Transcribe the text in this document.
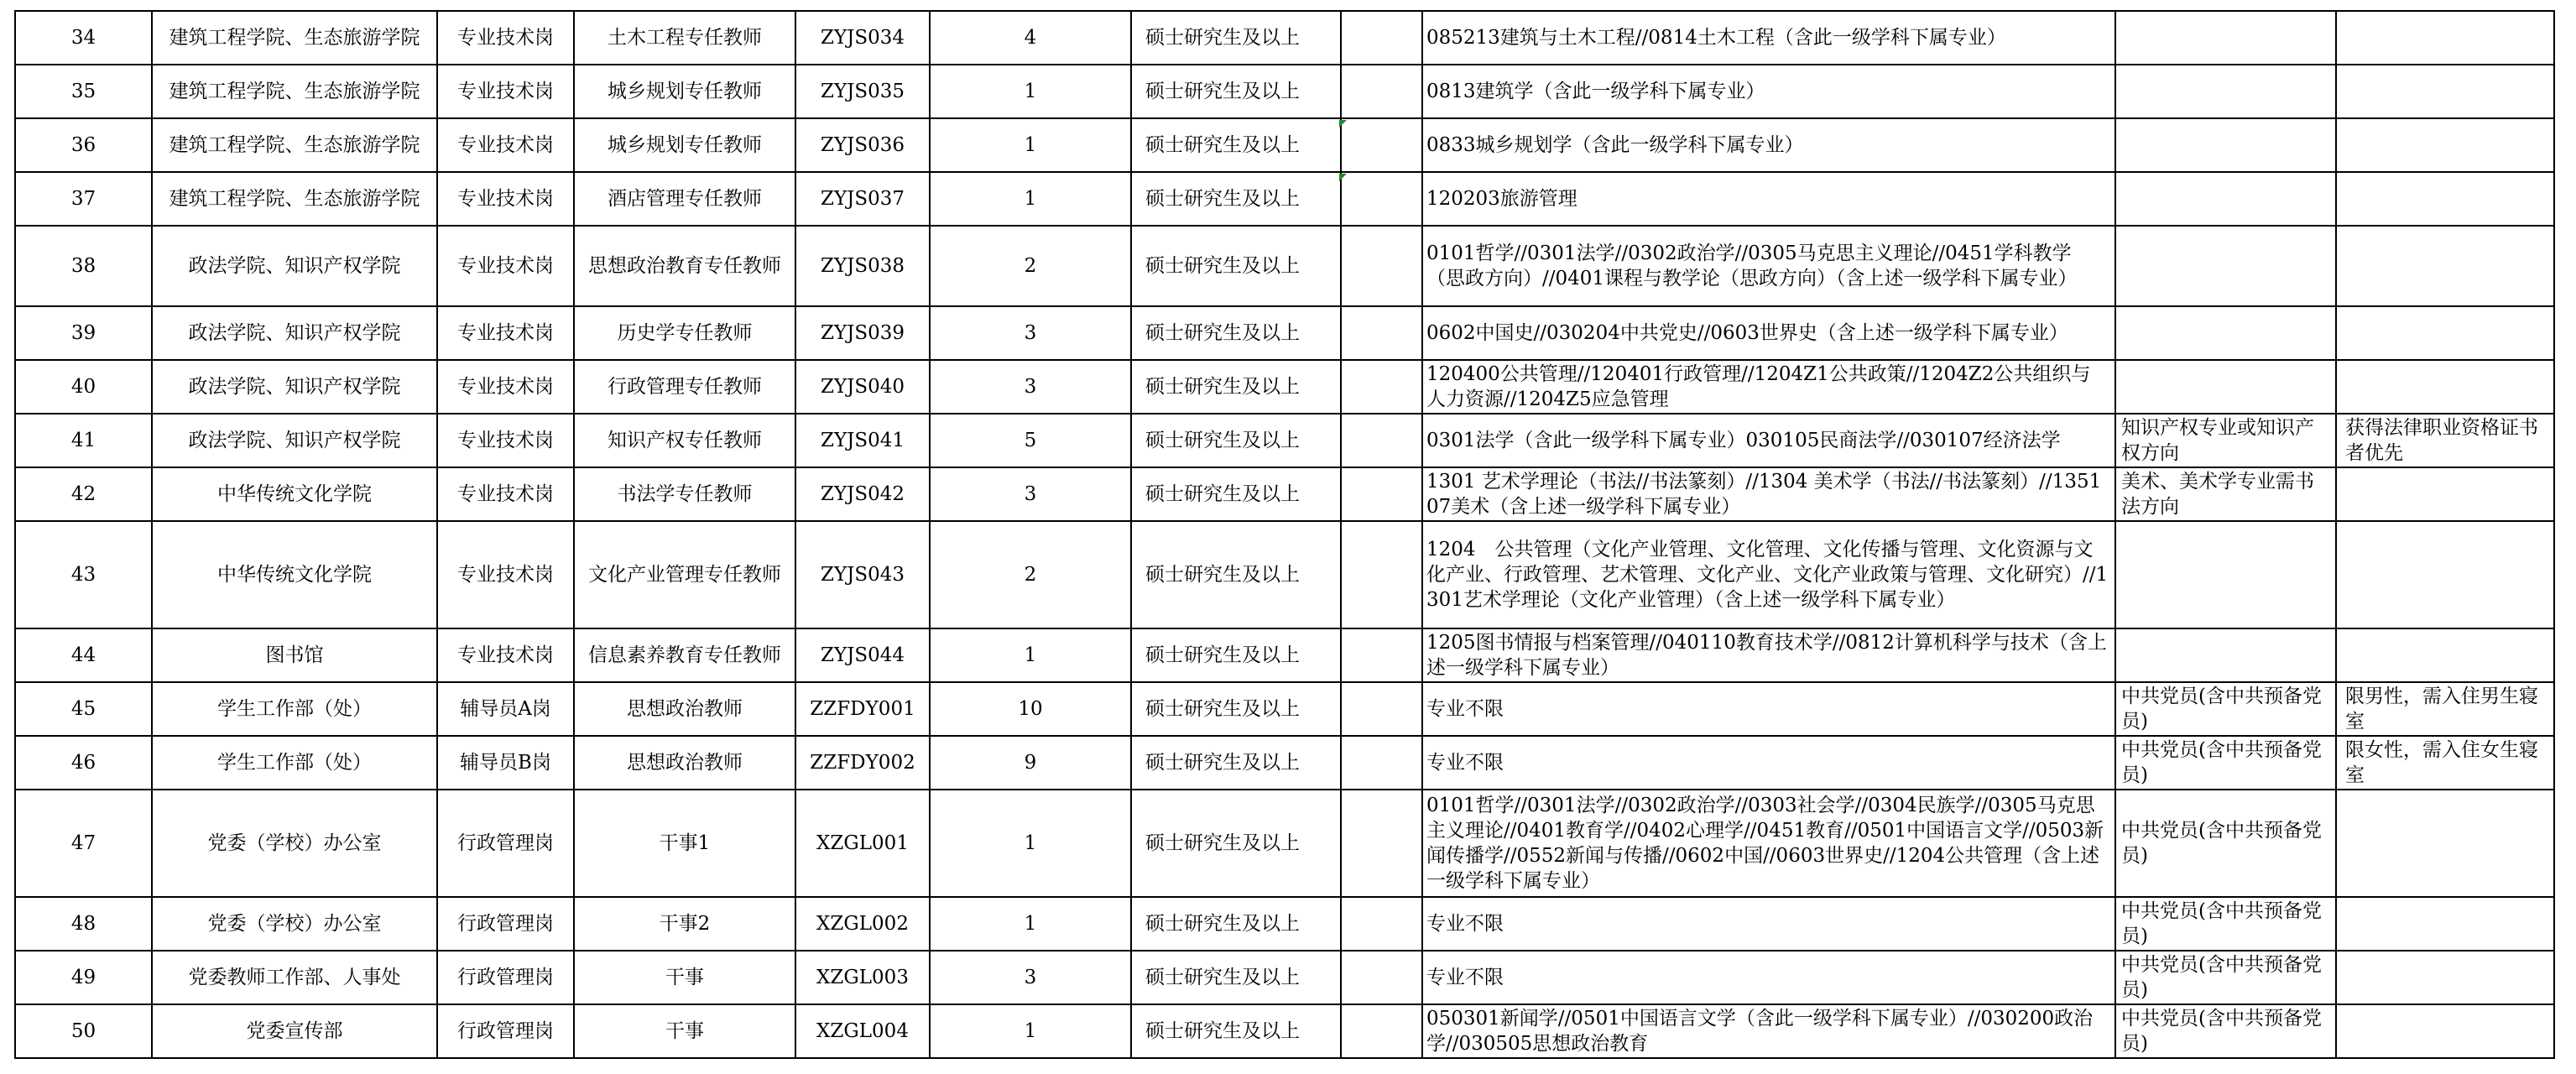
34	建筑工程学院、生态旅游学院	专业技术岗	土木工程专任教师	ZYJS034	4	硕士研究生及以上		085213建筑与土木工程//0814土木工程（含此一级学科下属专业）		
35	建筑工程学院、生态旅游学院	专业技术岗	城乡规划专任教师	ZYJS035	1	硕士研究生及以上		0813建筑学（含此一级学科下属专业）		
36	建筑工程学院、生态旅游学院	专业技术岗	城乡规划专任教师	ZYJS036	1	硕士研究生及以上		0833城乡规划学（含此一级学科下属专业）		
37	建筑工程学院、生态旅游学院	专业技术岗	酒店管理专任教师	ZYJS037	1	硕士研究生及以上		120203旅游管理		
38	政法学院、知识产权学院	专业技术岗	思想政治教育专任教师	ZYJS038	2	硕士研究生及以上		0101哲学//0301法学//0302政治学//0305马克思主义理论//0451学科教学（思政方向）//0401课程与教学论（思政方向）（含上述一级学科下属专业）		
39	政法学院、知识产权学院	专业技术岗	历史学专任教师	ZYJS039	3	硕士研究生及以上		0602中国史//030204中共党史//0603世界史（含上述一级学科下属专业）		
40	政法学院、知识产权学院	专业技术岗	行政管理专任教师	ZYJS040	3	硕士研究生及以上		120400公共管理//120401行政管理//1204Z1公共政策//1204Z2公共组织与人力资源//1204Z5应急管理		
41	政法学院、知识产权学院	专业技术岗	知识产权专任教师	ZYJS041	5	硕士研究生及以上		0301法学（含此一级学科下属专业）030105民商法学//030107经济法学	知识产权专业或知识产权方向	获得法律职业资格证书者优先
42	中华传统文化学院	专业技术岗	书法学专任教师	ZYJS042	3	硕士研究生及以上		1301 艺术学理论（书法//书法篆刻）//1304 美术学（书法//书法篆刻）//135107美术（含上述一级学科下属专业）	美术、美术学专业需书法方向	
43	中华传统文化学院	专业技术岗	文化产业管理专任教师	ZYJS043	2	硕士研究生及以上		1204　公共管理（文化产业管理、文化管理、文化传播与管理、文化资源与文化产业、行政管理、艺术管理、文化产业、文化产业政策与管理、文化研究）//1301艺术学理论（文化产业管理）（含上述一级学科下属专业）		
44	图书馆	专业技术岗	信息素养教育专任教师	ZYJS044	1	硕士研究生及以上		1205图书情报与档案管理//040110教育技术学//0812计算机科学与技术（含上述一级学科下属专业）		
45	学生工作部（处）	辅导员A岗	思想政治教师	ZZFDY001	10	硕士研究生及以上		专业不限	中共党员(含中共预备党员)	限男性，需入住男生寝室
46	学生工作部（处）	辅导员B岗	思想政治教师	ZZFDY002	9	硕士研究生及以上		专业不限	中共党员(含中共预备党员)	限女性，需入住女生寝室
47	党委（学校）办公室	行政管理岗	干事1	XZGL001	1	硕士研究生及以上		0101哲学//0301法学//0302政治学//0303社会学//0304民族学//0305马克思主义理论//0401教育学//0402心理学//0451教育//0501中国语言文学//0503新闻传播学//0552新闻与传播//0602中国//0603世界史//1204公共管理（含上述一级学科下属专业）	中共党员(含中共预备党员)	
48	党委（学校）办公室	行政管理岗	干事2	XZGL002	1	硕士研究生及以上		专业不限	中共党员(含中共预备党员)	
49	党委教师工作部、人事处	行政管理岗	干事	XZGL003	3	硕士研究生及以上		专业不限	中共党员(含中共预备党员)	
50	党委宣传部	行政管理岗	干事	XZGL004	1	硕士研究生及以上		050301新闻学//0501中国语言文学（含此一级学科下属专业）//030200政治学//030505思想政治教育	中共党员(含中共预备党员)	
